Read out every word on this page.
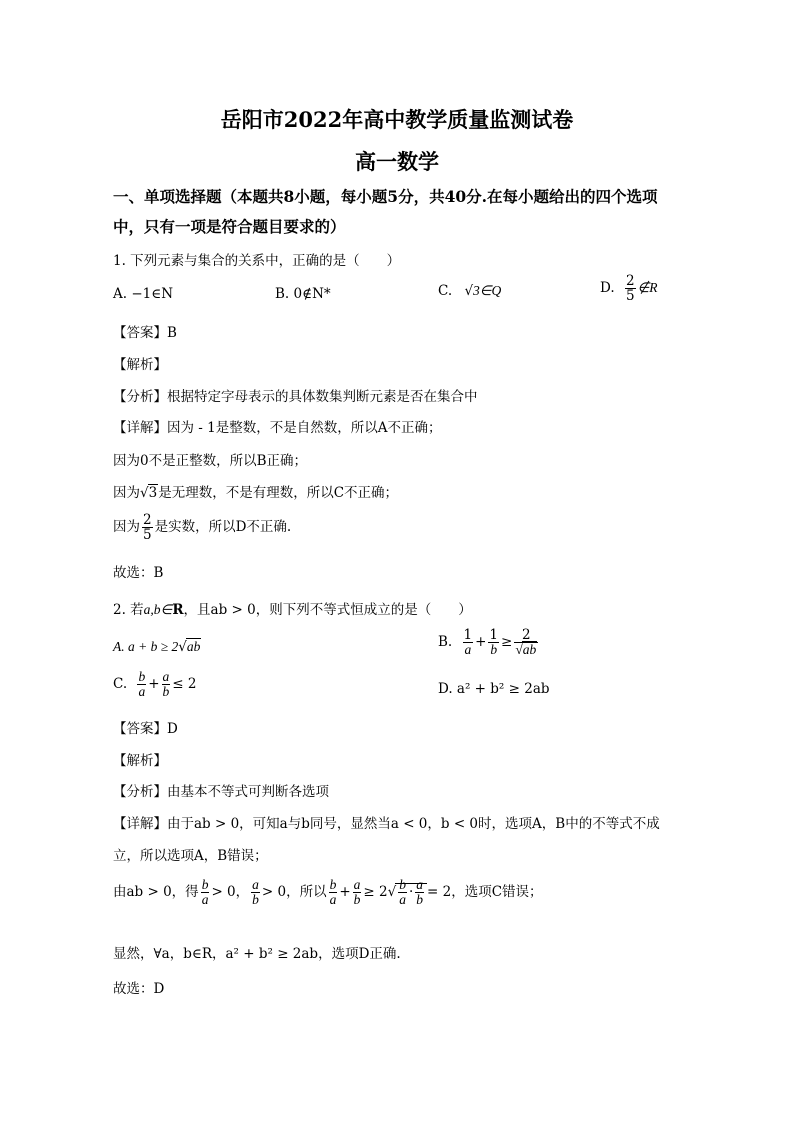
岳阳市2022年高中教学质量监测试卷
高一数学
一、单项选择题（本题共8小题，每小题5分，共40分.在每小题给出的四个选项
中，只有一项是符合题目要求的）
1. 下列元素与集合的关系中，正确的是（　　）
A. −1∈N	B. 0∉N*	C. √3∈Q	D. $\frac{2}{5}$ ∉R
【答案】B
【解析】
【分析】根据特定字母表示的具体数集判断元素是否在集合中
【详解】因为 - 1是整数，不是自然数，所以A不正确；
因为0不是正整数，所以B正确；
因为√3是无理数，不是有理数，所以C不正确；
因为 $\frac{2}{5}$ 是实数，所以D不正确.
故选：B
2. 若a,b∈R，且ab > 0，则下列不等式恒成立的是（　　）
A. a + b ≥ 2√ab	B. $\frac{1}{a} + \frac{1}{b} \ge \frac{2}{√ab}$
C. $\frac{b}{a} + \frac{a}{b} \le 2$	D. a² + b² ≥ 2ab
【答案】D
【解析】
【分析】由基本不等式可判断各选项
【详解】由于ab > 0，可知a与b同号，显然当a < 0，b < 0时，选项A，B中的不等式不成
立，所以选项A，B错误；
由ab > 0，得 $\frac{b}{a} > 0$， $\frac{a}{b} > 0$，所以 $\frac{b}{a} + \frac{a}{b} \ge 2√ \frac{b}{a} \cdot \frac{a}{b} = 2$，选项C错误；
显然，∀a，b∈R，a² + b² ≥ 2ab，选项D正确.
故选：D
